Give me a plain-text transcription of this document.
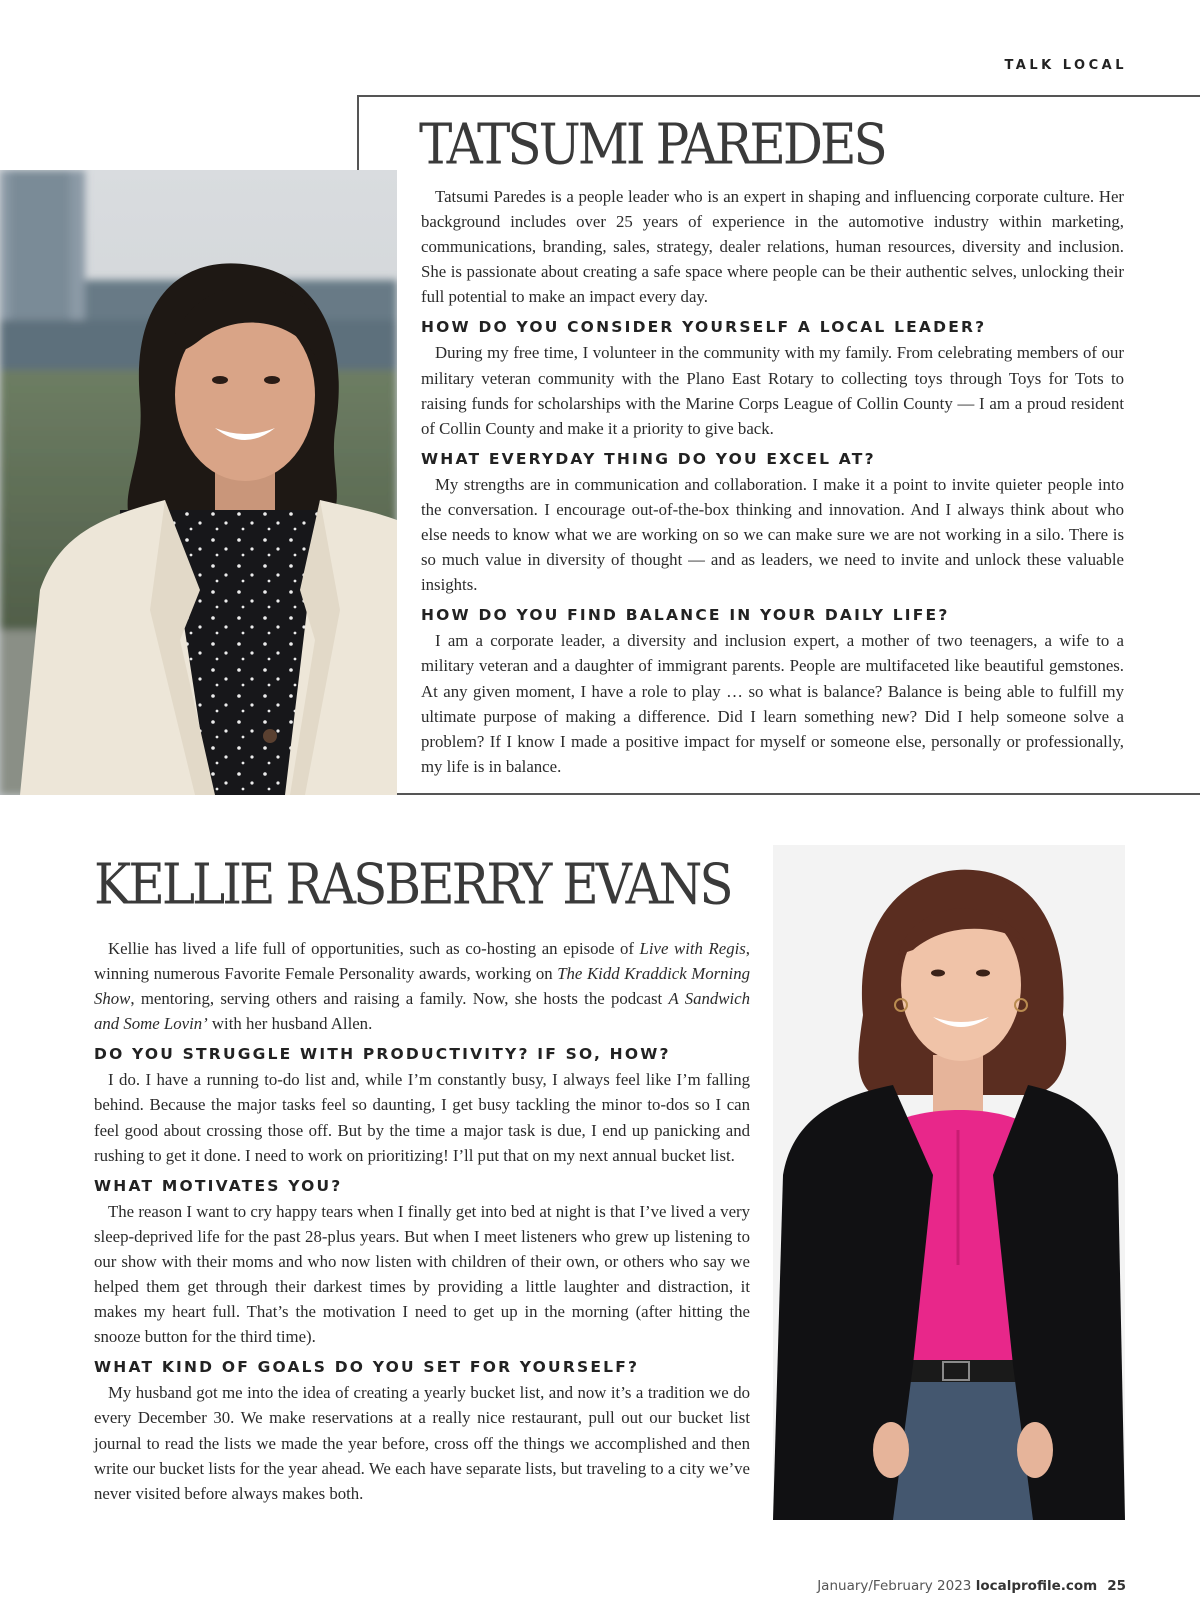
TALK LOCAL

TATSUMI PAREDES

Tatsumi Paredes is a people leader who is an expert in shaping and influencing corporate culture. Her background includes over 25 years of experience in the automotive industry within marketing, communications, branding, sales, strategy, dealer relations, human resources, diversity and inclusion. She is passionate about creating a safe space where people can be their authentic selves, unlocking their full potential to make an impact every day.

HOW DO YOU CONSIDER YOURSELF A LOCAL LEADER?

During my free time, I volunteer in the community with my family. From celebrating members of our military veteran community with the Plano East Rotary to collecting toys through Toys for Tots to raising funds for scholarships with the Marine Corps League of Collin County — I am a proud resident of Collin County and make it a priority to give back.

WHAT EVERYDAY THING DO YOU EXCEL AT?

My strengths are in communication and collaboration. I make it a point to invite quieter people into the conversation. I encourage out-of-the-box thinking and innovation. And I always think about who else needs to know what we are working on so we can make sure we are not working in a silo. There is so much value in diversity of thought — and as leaders, we need to invite and unlock these valuable insights.

HOW DO YOU FIND BALANCE IN YOUR DAILY LIFE?

I am a corporate leader, a diversity and inclusion expert, a mother of two teenagers, a wife to a military veteran and a daughter of immigrant parents. People are multifaceted like beautiful gemstones. At any given moment, I have a role to play … so what is balance? Balance is being able to fulfill my ultimate purpose of making a difference. Did I learn something new? Did I help someone solve a problem? If I know I made a positive impact for myself or someone else, personally or professionally, my life is in balance.

KELLIE RASBERRY EVANS

Kellie has lived a life full of opportunities, such as co-hosting an episode of Live with Regis, winning numerous Favorite Female Personality awards, working on The Kidd Kraddick Morning Show, mentoring, serving others and raising a family. Now, she hosts the podcast A Sandwich and Some Lovin’ with her husband Allen.

DO YOU STRUGGLE WITH PRODUCTIVITY? IF SO, HOW?

I do. I have a running to-do list and, while I’m constantly busy, I always feel like I’m falling behind. Because the major tasks feel so daunting, I get busy tackling the minor to-dos so I can feel good about crossing those off. But by the time a major task is due, I end up panicking and rushing to get it done. I need to work on prioritizing! I’ll put that on my next annual bucket list.

WHAT MOTIVATES YOU?

The reason I want to cry happy tears when I finally get into bed at night is that I’ve lived a very sleep-deprived life for the past 28-plus years. But when I meet listeners who grew up listening to our show with their moms and who now listen with children of their own, or others who say we helped them get through their darkest times by providing a little laughter and distraction, it makes my heart full. That’s the motivation I need to get up in the morning (after hitting the snooze button for the third time).

WHAT KIND OF GOALS DO YOU SET FOR YOURSELF?

My husband got me into the idea of creating a yearly bucket list, and now it’s a tradition we do every December 30. We make reservations at a really nice restaurant, pull out our bucket list journal to read the lists we made the year before, cross off the things we accomplished and then write our bucket lists for the year ahead. We each have separate lists, but traveling to a city we’ve never visited before always makes both.

January/February 2023 localprofile.com 25
